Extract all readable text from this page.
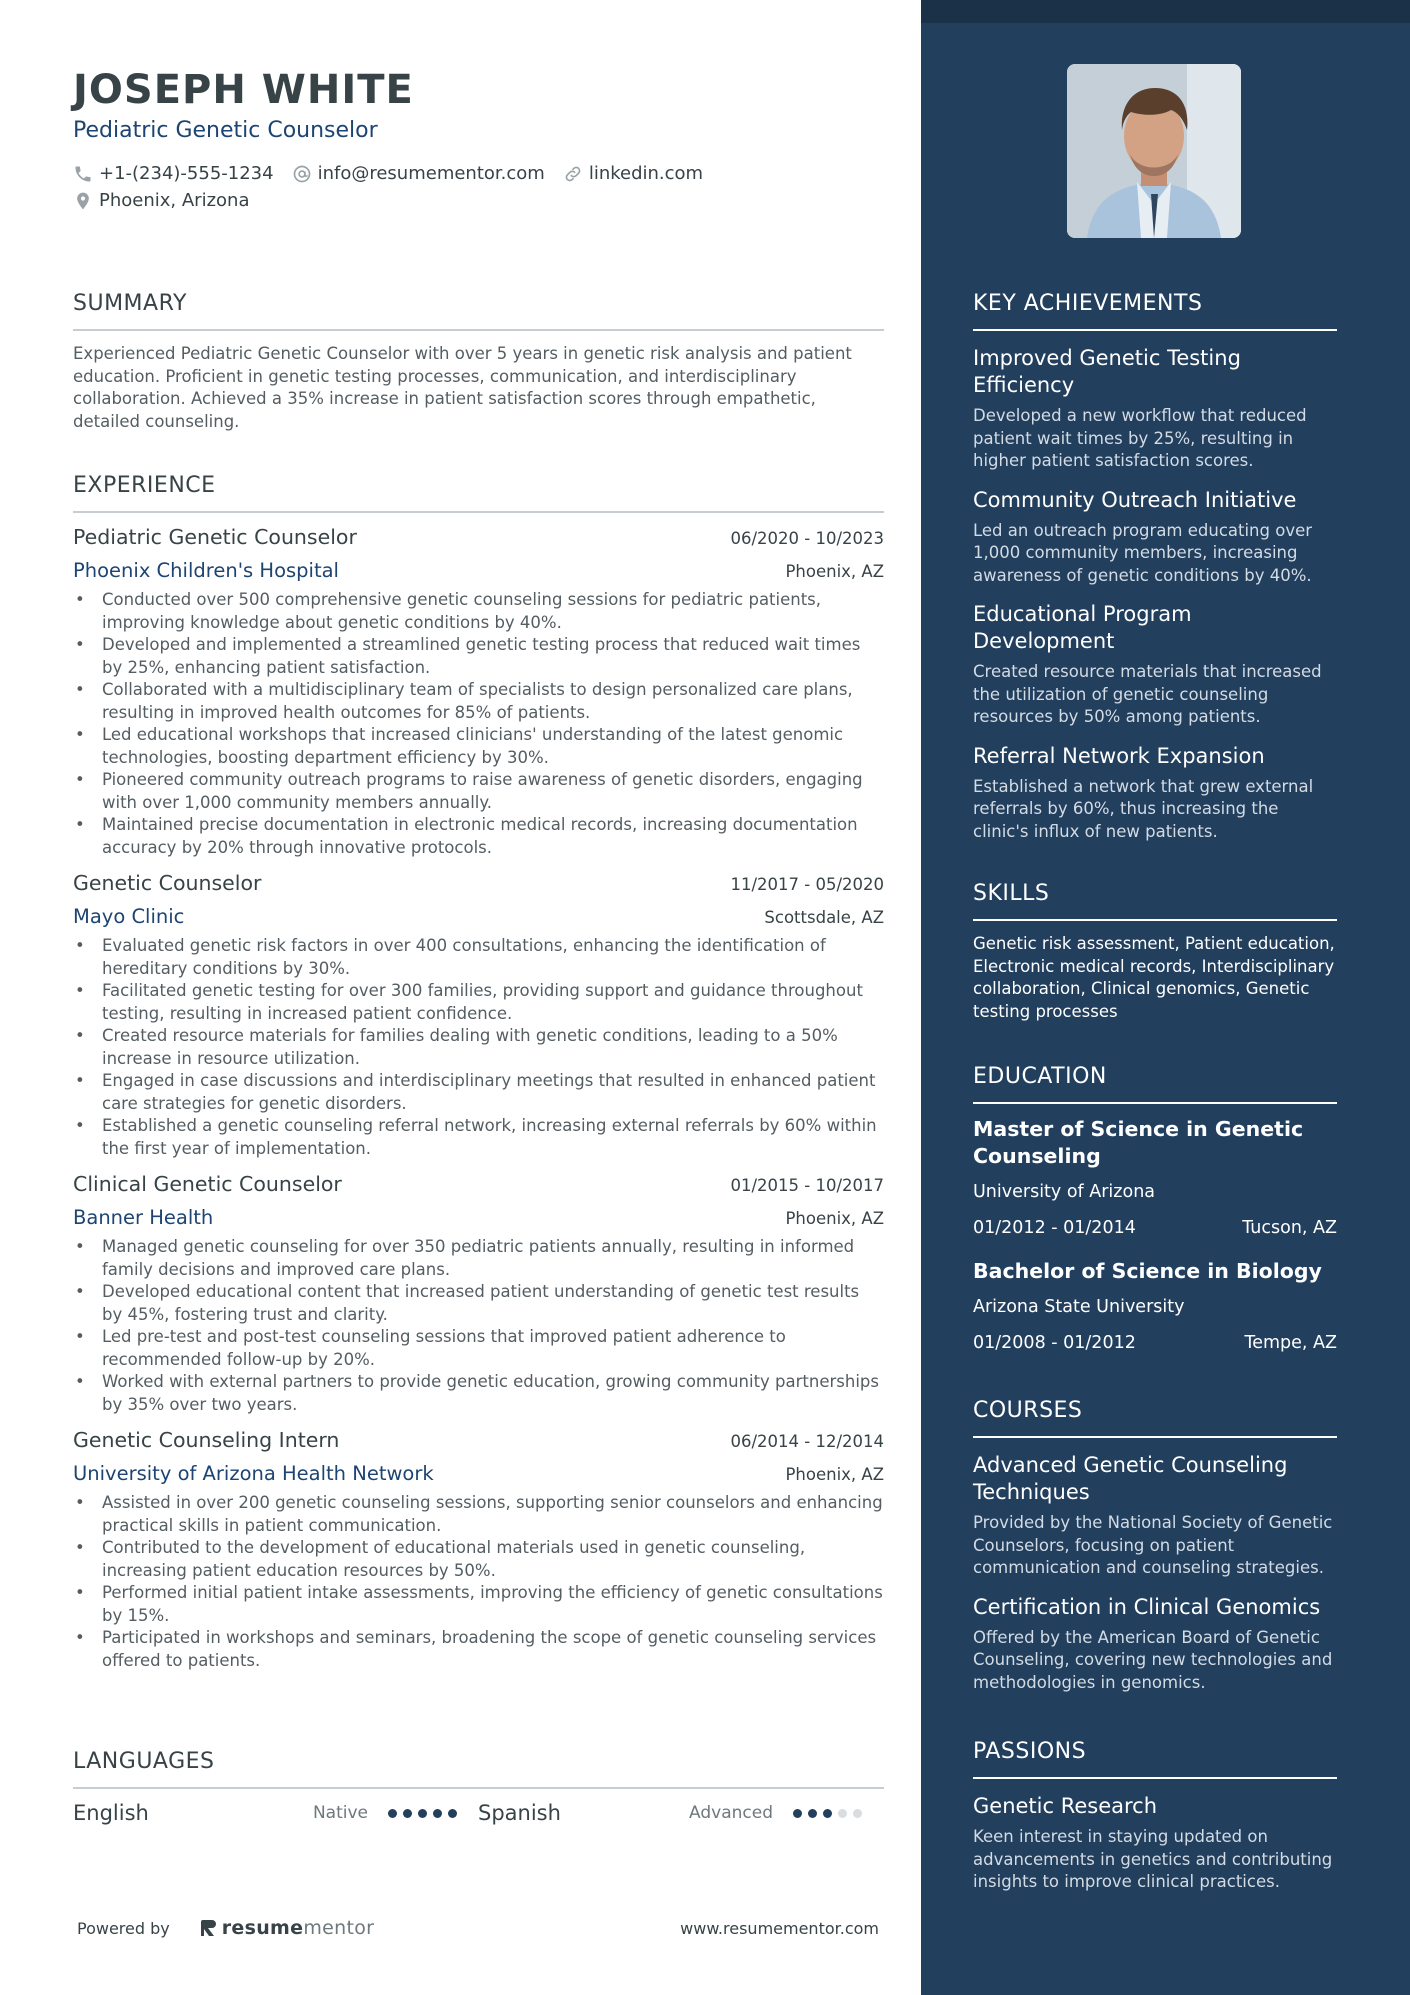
JOSEPH WHITE
Pediatric Genetic Counselor
+1-(234)-555-1234 info@resumementor.com linkedin.com
Phoenix, Arizona
SUMMARY
Experienced Pediatric Genetic Counselor with over 5 years in genetic risk analysis and patient education. Proficient in genetic testing processes, communication, and interdisciplinary collaboration. Achieved a 35% increase in patient satisfaction scores through empathetic, detailed counseling.
EXPERIENCE
Pediatric Genetic Counselor	06/2020 - 10/2023
Phoenix Children's Hospital	Phoenix, AZ
• Conducted over 500 comprehensive genetic counseling sessions for pediatric patients, improving knowledge about genetic conditions by 40%.
• Developed and implemented a streamlined genetic testing process that reduced wait times by 25%, enhancing patient satisfaction.
• Collaborated with a multidisciplinary team of specialists to design personalized care plans, resulting in improved health outcomes for 85% of patients.
• Led educational workshops that increased clinicians' understanding of the latest genomic technologies, boosting department efficiency by 30%.
• Pioneered community outreach programs to raise awareness of genetic disorders, engaging with over 1,000 community members annually.
• Maintained precise documentation in electronic medical records, increasing documentation accuracy by 20% through innovative protocols.
Genetic Counselor	11/2017 - 05/2020
Mayo Clinic	Scottsdale, AZ
• Evaluated genetic risk factors in over 400 consultations, enhancing the identification of hereditary conditions by 30%.
• Facilitated genetic testing for over 300 families, providing support and guidance throughout testing, resulting in increased patient confidence.
• Created resource materials for families dealing with genetic conditions, leading to a 50% increase in resource utilization.
• Engaged in case discussions and interdisciplinary meetings that resulted in enhanced patient care strategies for genetic disorders.
• Established a genetic counseling referral network, increasing external referrals by 60% within the first year of implementation.
Clinical Genetic Counselor	01/2015 - 10/2017
Banner Health	Phoenix, AZ
• Managed genetic counseling for over 350 pediatric patients annually, resulting in informed family decisions and improved care plans.
• Developed educational content that increased patient understanding of genetic test results by 45%, fostering trust and clarity.
• Led pre-test and post-test counseling sessions that improved patient adherence to recommended follow-up by 20%.
• Worked with external partners to provide genetic education, growing community partnerships by 35% over two years.
Genetic Counseling Intern	06/2014 - 12/2014
University of Arizona Health Network	Phoenix, AZ
• Assisted in over 200 genetic counseling sessions, supporting senior counselors and enhancing practical skills in patient communication.
• Contributed to the development of educational materials used in genetic counseling, increasing patient education resources by 50%.
• Performed initial patient intake assessments, improving the efficiency of genetic consultations by 15%.
• Participated in workshops and seminars, broadening the scope of genetic counseling services offered to patients.
LANGUAGES
English	Native	Spanish	Advanced
Powered by	resume mentor	www.resumementor.com
KEY ACHIEVEMENTS
Improved Genetic Testing Efficiency
Developed a new workflow that reduced patient wait times by 25%, resulting in higher patient satisfaction scores.
Community Outreach Initiative
Led an outreach program educating over 1,000 community members, increasing awareness of genetic conditions by 40%.
Educational Program Development
Created resource materials that increased the utilization of genetic counseling resources by 50% among patients.
Referral Network Expansion
Established a network that grew external referrals by 60%, thus increasing the clinic's influx of new patients.
SKILLS
Genetic risk assessment, Patient education, Electronic medical records, Interdisciplinary collaboration, Clinical genomics, Genetic testing processes
EDUCATION
Master of Science in Genetic Counseling
University of Arizona
01/2012 - 01/2014	Tucson, AZ
Bachelor of Science in Biology
Arizona State University
01/2008 - 01/2012	Tempe, AZ
COURSES
Advanced Genetic Counseling Techniques
Provided by the National Society of Genetic Counselors, focusing on patient communication and counseling strategies.
Certification in Clinical Genomics
Offered by the American Board of Genetic Counseling, covering new technologies and methodologies in genomics.
PASSIONS
Genetic Research
Keen interest in staying updated on advancements in genetics and contributing insights to improve clinical practices.
